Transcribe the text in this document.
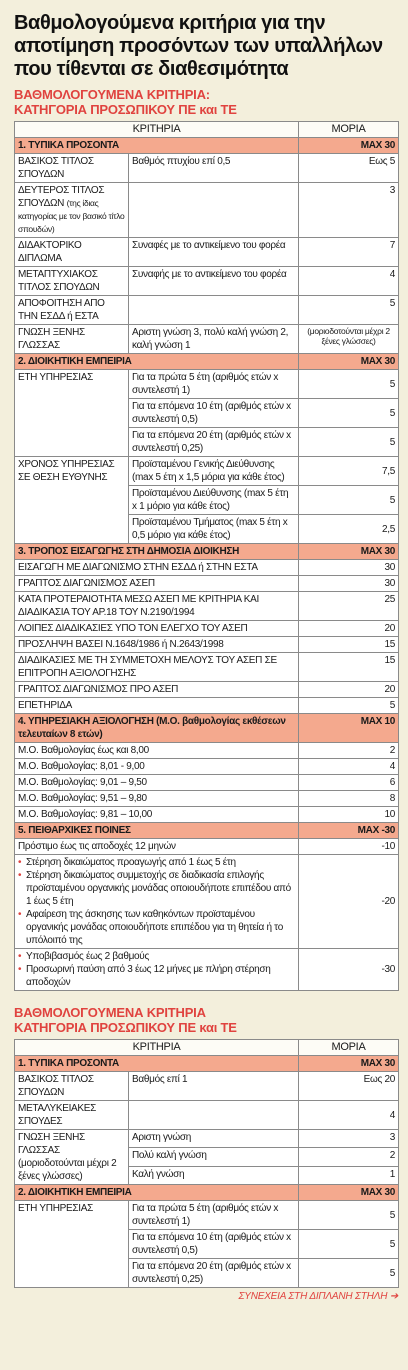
Βαθμολογούμενα κριτήρια για την αποτίμηση προσόντων των υπαλλήλων που τίθενται σε διαθεσιμότητα
ΒΑΘΜΟΛΟΓΟΥΜΕΝΑ ΚΡΙΤΗΡΙΑ:
ΚΑΤΗΓΟΡΙΑ ΠΡΟΣΩΠΙΚΟΥ ΠΕ και ΤΕ
ΚΡΙΤΗΡΙΑ		ΜΟΡΙΑ
1. ΤΥΠΙΚΑ ΠΡΟΣΟΝΤΑ		MAX 30
ΒΑΣΙΚΟΣ ΤΙΤΛΟΣ ΣΠΟΥΔΩΝ	Βαθμός πτυχίου επί 0,5	Εως 5
ΔΕΥΤΕΡΟΣ ΤΙΤΛΟΣ ΣΠΟΥΔΩΝ (της ίδιας κατηγορίας με τον βασικό τίτλο σπουδών)		3
ΔΙΔΑΚΤΟΡΙΚΟ ΔΙΠΛΩΜΑ	Συναφές με το αντικείμενο του φορέα	7
ΜΕΤΑΠΤΥΧΙΑΚΟΣ ΤΙΤΛΟΣ ΣΠΟΥΔΩΝ	Συναφής με το αντικείμενο του φορέα	4
ΑΠΟΦΟΙΤΗΣΗ ΑΠΟ ΤΗΝ ΕΣΔΔ ή ΕΣΤΑ		5
ΓΝΩΣΗ ΞΕΝΗΣ ΓΛΩΣΣΑΣ	Αριστη γνώση 3, πολύ καλή γνώση 2, καλή γνώση 1	(μοριοδοτούνται μέχρι 2 ξένες γλώσσες)
2. ΔΙΟΙΚΗΤΙΚΗ ΕΜΠΕΙΡΙΑ		MAX 30
ΕΤΗ ΥΠΗΡΕΣΙΑΣ	Για τα πρώτα 5 έτη (αριθμός ετών x συντελεστή 1)	5
	Για τα επόμενα 10 έτη (αριθμός ετών x συντελεστή 0,5)	5
	Για τα επόμενα 20 έτη (αριθμός ετών x συντελεστή 0,25)	5
ΧΡΟΝΟΣ ΥΠΗΡΕΣΙΑΣ ΣΕ ΘΕΣΗ ΕΥΘΥΝΗΣ	Προϊσταμένου Γενικής Διεύθυνσης (max 5 έτη x 1,5 μόρια για κάθε έτος)	7,5
	Προϊσταμένου Διεύθυνσης (max 5 έτη x 1 μόριο για κάθε έτος)	5
	Προϊσταμένου Τμήματος (max 5 έτη x 0,5 μόριο για κάθε έτος)	2,5
3. ΤΡΟΠΟΣ ΕΙΣΑΓΩΓΗΣ ΣΤΗ ΔΗΜΟΣΙΑ ΔΙΟΙΚΗΣΗ		MAX 30
ΕΙΣΑΓΩΓΗ ΜΕ ΔΙΑΓΩΝΙΣΜΟ ΣΤΗΝ ΕΣΔΔ ή ΣΤΗΝ ΕΣΤΑ		30
ΓΡΑΠΤΟΣ ΔΙΑΓΩΝΙΣΜΟΣ ΑΣΕΠ		30
ΚΑΤΑ ΠΡΟΤΕΡΑΙΟΤΗΤΑ ΜΕΣΩ ΑΣΕΠ ΜΕ ΚΡΙΤΗΡΙΑ ΚΑΙ ΔΙΑΔΙΚΑΣΙΑ ΤΟΥ ΑΡ.18 ΤΟΥ Ν.2190/1994		25
ΛΟΙΠΕΣ ΔΙΑΔΙΚΑΣΙΕΣ ΥΠΟ ΤΟΝ ΕΛΕΓΧΟ ΤΟΥ ΑΣΕΠ		20
ΠΡΟΣΛΗΨΗ ΒΑΣΕΙ Ν.1648/1986 ή Ν.2643/1998		15
ΔΙΑΔΙΚΑΣΙΕΣ ΜΕ ΤΗ ΣΥΜΜΕΤΟΧΗ ΜΕΛΟΥΣ ΤΟΥ ΑΣΕΠ ΣΕ ΕΠΙΤΡΟΠΗ ΑΞΙΟΛΟΓΗΣΗΣ		15
ΓΡΑΠΤΟΣ ΔΙΑΓΩΝΙΣΜΟΣ ΠΡΟ ΑΣΕΠ		20
ΕΠΕΤΗΡΙΔΑ		5
4. ΥΠΗΡΕΣΙΑΚΗ ΑΞΙΟΛΟΓΗΣΗ (Μ.Ο. βαθμολογίας εκθέσεων τελευταίων 8 ετών)		MAX 10
Μ.Ο. Βαθμολογίας έως και 8,00		2
Μ.Ο. Βαθμολογίας: 8,01 - 9,00		4
Μ.Ο. Βαθμολογίας: 9,01 – 9,50		6
Μ.Ο. Βαθμολογίας: 9,51 – 9,80		8
Μ.Ο. Βαθμολογίας: 9,81 – 10,00		10
5. ΠΕΙΘΑΡΧΙΚΕΣ ΠΟΙΝΕΣ		MAX -30
Πρόστιμο έως τις αποδοχές 12 μηνών		-10

• Στέρηση δικαιώματος προαγωγής από 1 έως 5 έτη
• Στέρηση δικαιώματος συμμετοχής σε διαδικασία επιλογής προϊσταμένου οργανικής μονάδας οποιουδήποτε επιπέδου από 1 έως 5 έτη
• Αφαίρεση της άσκησης των καθηκόντων προϊσταμένου οργανικής μονάδας οποιουδήποτε επιπέδου για τη θητεία ή το υπόλοιπό της		-20

• Υποβιβασμός έως 2 βαθμούς
• Προσωρινή παύση από 3 έως 12 μήνες με πλήρη στέρηση αποδοχών		-30
ΒΑΘΜΟΛΟΓΟΥΜΕΝΑ ΚΡΙΤΗΡΙΑ
ΚΑΤΗΓΟΡΙΑ ΠΡΟΣΩΠΙΚΟΥ ΠΕ και ΤΕ
ΚΡΙΤΗΡΙΑ		ΜΟΡΙΑ
1. ΤΥΠΙΚΑ ΠΡΟΣΟΝΤΑ		MAX 30
ΒΑΣΙΚΟΣ ΤΙΤΛΟΣ ΣΠΟΥΔΩΝ	Βαθμός επί 1	Εως 20
ΜΕΤΑΛΥΚΕΙΑΚΕΣ ΣΠΟΥΔΕΣ		4
ΓΝΩΣΗ ΞΕΝΗΣ ΓΛΩΣΣΑΣ
(μοριοδοτούνται μέχρι 2 ξένες γλώσσες)	Αριστη γνώση	3
	Πολύ καλή γνώση	2
	Καλή γνώση	1
2. ΔΙΟΙΚΗΤΙΚΗ ΕΜΠΕΙΡΙΑ		MAX 30
ΕΤΗ ΥΠΗΡΕΣΙΑΣ	Για τα πρώτα 5 έτη (αριθμός ετών x συντελεστή 1)	5
	Για τα επόμενα 10 έτη (αριθμός ετών x συντελεστή 0,5)	5
	Για τα επόμενα 20 έτη (αριθμός ετών x συντελεστή 0,25)	5
ΣΥΝΕΧΕΙΑ ΣΤΗ ΔΙΠΛΑΝΗ ΣΤΗΛΗ ➔
